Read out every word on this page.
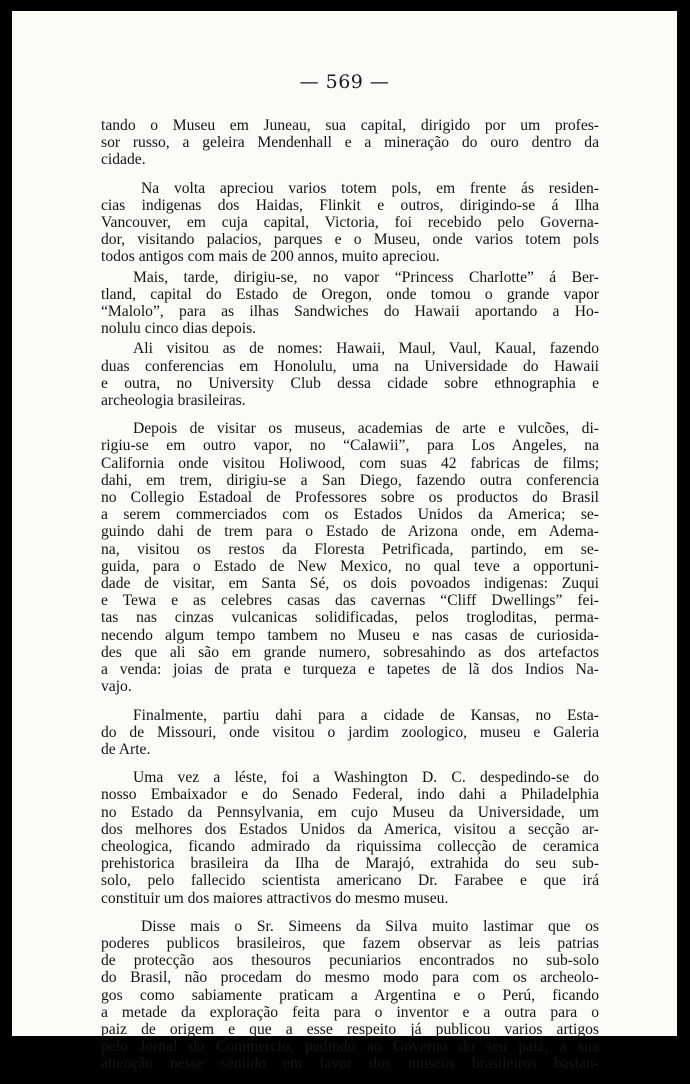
— 569 —

tando o Museu em Juneau, sua capital, dirigido por um profes-
sor russo, a geleira Mendenhall e a mineração do ouro dentro da
cidade.

Na volta apreciou varios totem pols, em frente ás residen-
cias indigenas dos Haidas, Flinkit e outros, dirigindo-se á Ilha
Vancouver, em cuja capital, Victoria, foi recebido pelo Governa-
dor, visitando palacios, parques e o Museu, onde varios totem pols
todos antigos com mais de 200 annos, muito apreciou.

Mais, tarde, dirigiu-se, no vapor “Princess Charlotte” á Ber-
tland, capital do Estado de Oregon, onde tomou o grande vapor
“Malolo”, para as ilhas Sandwiches do Hawaii aportando a Ho-
nolulu cinco dias depois.

Ali visitou as de nomes: Hawaii, Maul, Vaul, Kaual, fazendo
duas conferencias em Honolulu, uma na Universidade do Hawaii
e outra, no University Club dessa cidade sobre ethnographia e
archeologia brasileiras.

Depois de visitar os museus, academias de arte e vulcões, di-
rigiu-se em outro vapor, no “Calawii”, para Los Angeles, na
California onde visitou Holiwood, com suas 42 fabricas de films;
dahi, em trem, dirigiu-se a San Diego, fazendo outra conferencia
no Collegio Estadoal de Professores sobre os productos do Brasil
a serem commerciados com os Estados Unidos da America; se-
guindo dahi de trem para o Estado de Arizona onde, em Adema-
na, visitou os restos da Floresta Petrificada, partindo, em se-
guida, para o Estado de New Mexico, no qual teve a opportuni-
dade de visitar, em Santa Sé, os dois povoados indigenas: Zuqui
e Tewa e as celebres casas das cavernas “Cliff Dwellings” fei-
tas nas cinzas vulcanicas solidificadas, pelos trogloditas, perma-
necendo algum tempo tambem no Museu e nas casas de curiosida-
des que ali são em grande numero, sobresahindo as dos artefactos
a venda: joias de prata e turqueza e tapetes de lã dos Indios Na-
vajo.

Finalmente, partiu dahi para a cidade de Kansas, no Esta-
do de Missouri, onde visitou o jardim zoologico, museu e Galeria
de Arte.

Uma vez a léste, foi a Washington D. C. despedindo-se do
nosso Embaixador e do Senado Federal, indo dahi a Philadelphia
no Estado da Pennsylvania, em cujo Museu da Universidade, um
dos melhores dos Estados Unidos da America, visitou a secção ar-
cheologica, ficando admirado da riquissima collecção de ceramica
prehistorica brasileira da Ilha de Marajó, extrahida do seu sub-
solo, pelo fallecido scientista americano Dr. Farabee e que irá
constituir um dos maiores attractivos do mesmo museu.

Disse mais o Sr. Simeens da Silva muito lastimar que os
poderes publicos brasileiros, que fazem observar as leis patrias
de protecção aos thesouros pecuniarios encontrados no sub-solo
do Brasil, não procedam do mesmo modo para com os archeolo-
gos como sabiamente praticam a Argentina e o Perú, ficando
a metade da exploração feita para o inventor e a outra para o
paiz de origem e que a esse respeito já publicou varios artigos
pelo Jornal do Commercio, pedindo ao Governo do seu paiz, a sua
attenção nesse sentido em favor dos museus brasileiros bastan-
